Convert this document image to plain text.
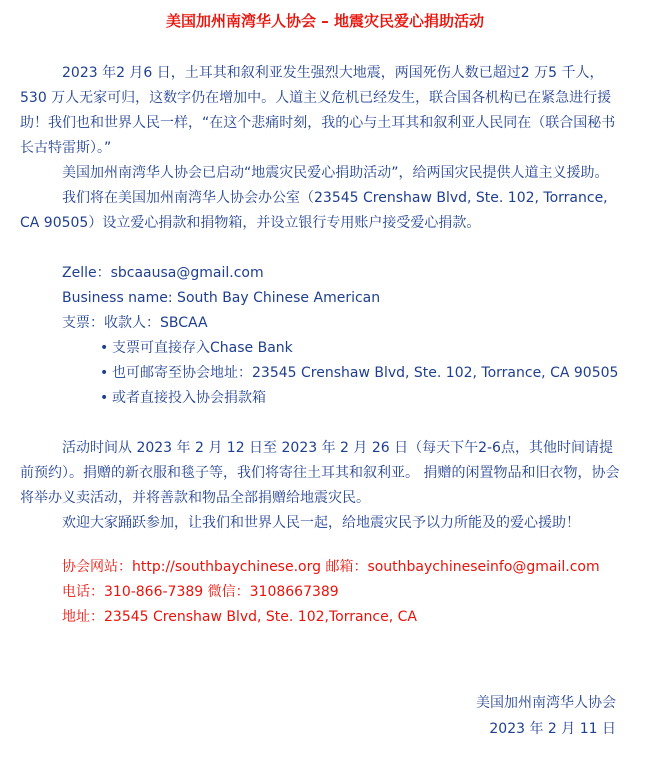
美国加州南湾华人协会 – 地震灾民爱心捐助活动

2023 年2 月6 日，土耳其和叙利亚发生强烈大地震，两国死伤人数已超过2 万5 千人，530 万人无家可归，这数字仍在增加中。人道主义危机已经发生，联合国各机构已在紧急进行援助！我们也和世界人民一样，“在这个悲痛时刻，我的心与土耳其和叙利亚人民同在（联合国秘书长古特雷斯）。”

美国加州南湾华人协会已启动“地震灾民爱心捐助活动”，给两国灾民提供人道主义援助。

我们将在美国加州南湾华人协会办公室（23545 Crenshaw Blvd, Ste. 102, Torrance, CA 90505）设立爱心捐款和捐物箱，并设立银行专用账户接受爱心捐款。

Zelle：sbcaausa@gmail.com

Business name: South Bay Chinese American

支票：收款人：SBCAA

• 支票可直接存入Chase Bank
• 也可邮寄至协会地址：23545 Crenshaw Blvd, Ste. 102, Torrance, CA 90505
• 或者直接投入协会捐款箱

活动时间从 2023 年 2 月 12 日至 2023 年 2 月 26 日（每天下午2-6点，其他时间请提前预约）。捐赠的新衣服和毯子等，我们将寄往土耳其和叙利亚。 捐赠的闲置物品和旧衣物，协会将举办义卖活动，并将善款和物品全部捐赠给地震灾民。

欢迎大家踊跃参加，让我们和世界人民一起，给地震灾民予以力所能及的爱心援助！

协会网站：http://southbaychinese.org 邮箱：southbaychineseinfo@gmail.com

电话：310-866-7389 微信：3108667389

地址：23545 Crenshaw Blvd, Ste. 102,Torrance, CA

美国加州南湾华人协会
2023 年 2 月 11 日
